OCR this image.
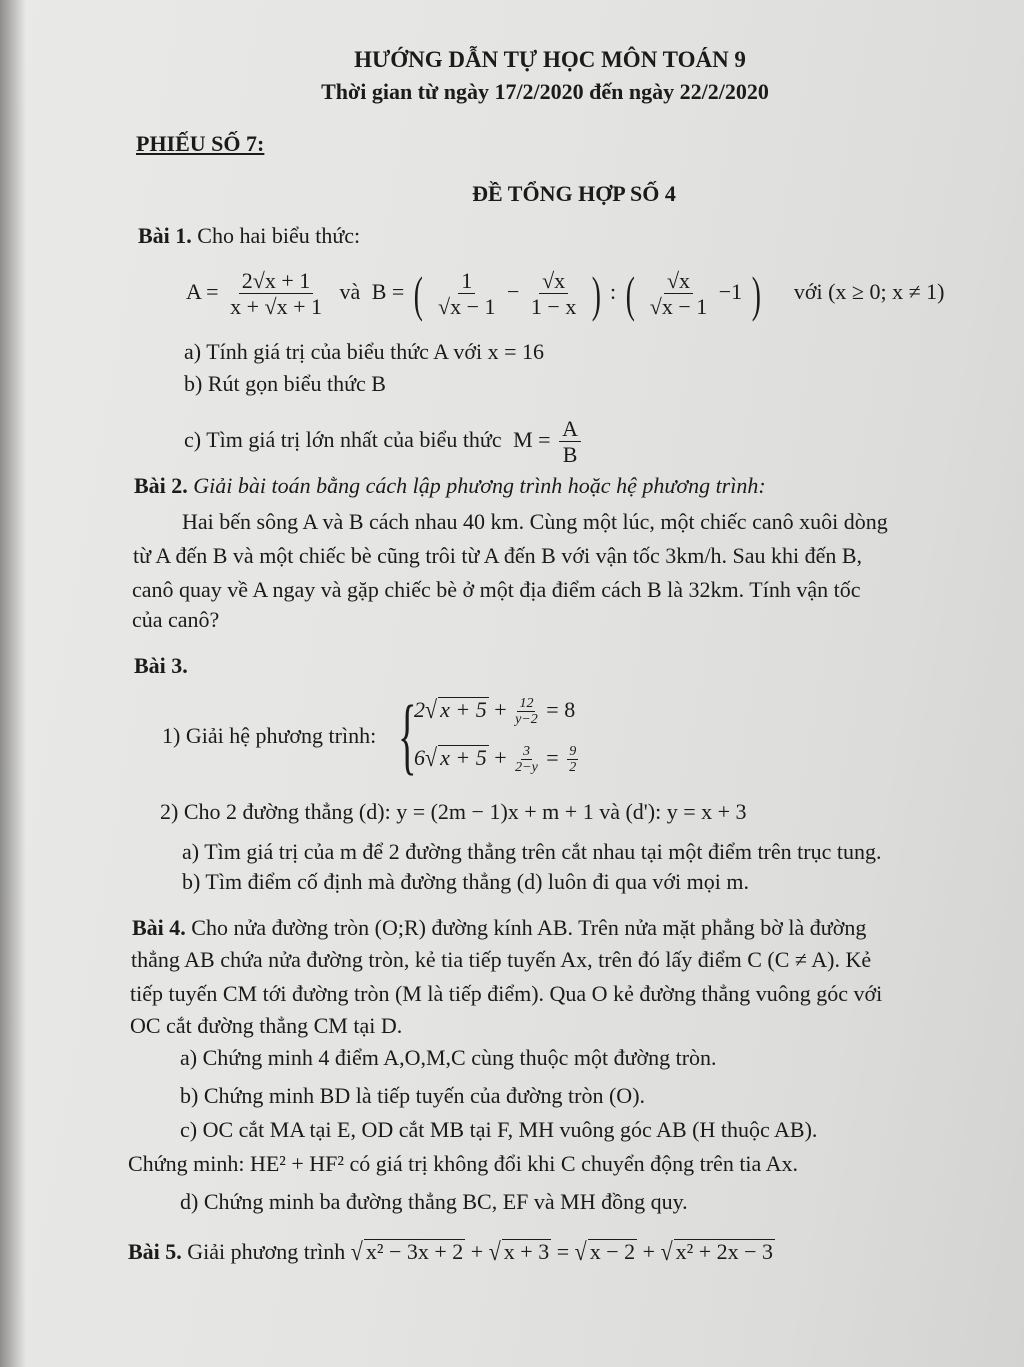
HƯỚNG DẪN TỰ HỌC MÔN TOÁN 9
Thời gian từ ngày 17/2/2020 đến ngày 22/2/2020
PHIẾU SỐ 7:
ĐỀ TỔNG HỢP SỐ 4
Bài 1. Cho hai biểu thức:
$A = \frac{2√x + 1}{x + √x + 1}$ và B = ( $\frac{1}{√x - 1} - \frac{√x}{1 - x}$ ) : ( $\frac{√x}{√x - 1} -1$ ) với (x ≥ 0; x ≠ 1)
a) Tính giá trị của biểu thức A với x = 16
b) Rút gọn biểu thức B
c) Tìm giá trị lớn nhất của biểu thức $M = \frac{A}{B}$
Bài 2. Giải bài toán bằng cách lập phương trình hoặc hệ phương trình:
Hai bến sông A và B cách nhau 40 km. Cùng một lúc, một chiếc canô xuôi dòng
từ A đến B và một chiếc bè cũng trôi từ A đến B với vận tốc 3km/h. Sau khi đến B,
canô quay về A ngay và gặp chiếc bè ở một địa điểm cách B là 32km. Tính vận tốc
của canô?
Bài 3.
1) Giải hệ phương trình: {
2√ $x + 5 + \frac{12}{y-2} = 8$
6√ $x + 5 + \frac{3}{2-y} = \frac{9}{2}$
2) Cho 2 đường thẳng (d): y = (2m − 1)x + m + 1 và (d'): y = x + 3
a) Tìm giá trị của m để 2 đường thẳng trên cắt nhau tại một điểm trên trục tung.
b) Tìm điểm cố định mà đường thẳng (d) luôn đi qua với mọi m.
Bài 4. Cho nửa đường tròn (O;R) đường kính AB. Trên nửa mặt phẳng bờ là đường
thẳng AB chứa nửa đường tròn, kẻ tia tiếp tuyến Ax, trên đó lấy điểm C (C ≠ A). Kẻ
tiếp tuyến CM tới đường tròn (M là tiếp điểm). Qua O kẻ đường thẳng vuông góc với
OC cắt đường thẳng CM tại D.
a) Chứng minh 4 điểm A,O,M,C cùng thuộc một đường tròn.
b) Chứng minh BD là tiếp tuyến của đường tròn (O).
c) OC cắt MA tại E, OD cắt MB tại F, MH vuông góc AB (H thuộc AB).
Chứng minh: HE² + HF² có giá trị không đổi khi C chuyển động trên tia Ax.
d) Chứng minh ba đường thẳng BC, EF và MH đồng quy.
Bài 5. Giải phương trình √ x² − 3x + 2 + √ x + 3 = √ x − 2 + √ x² + 2x − 3
